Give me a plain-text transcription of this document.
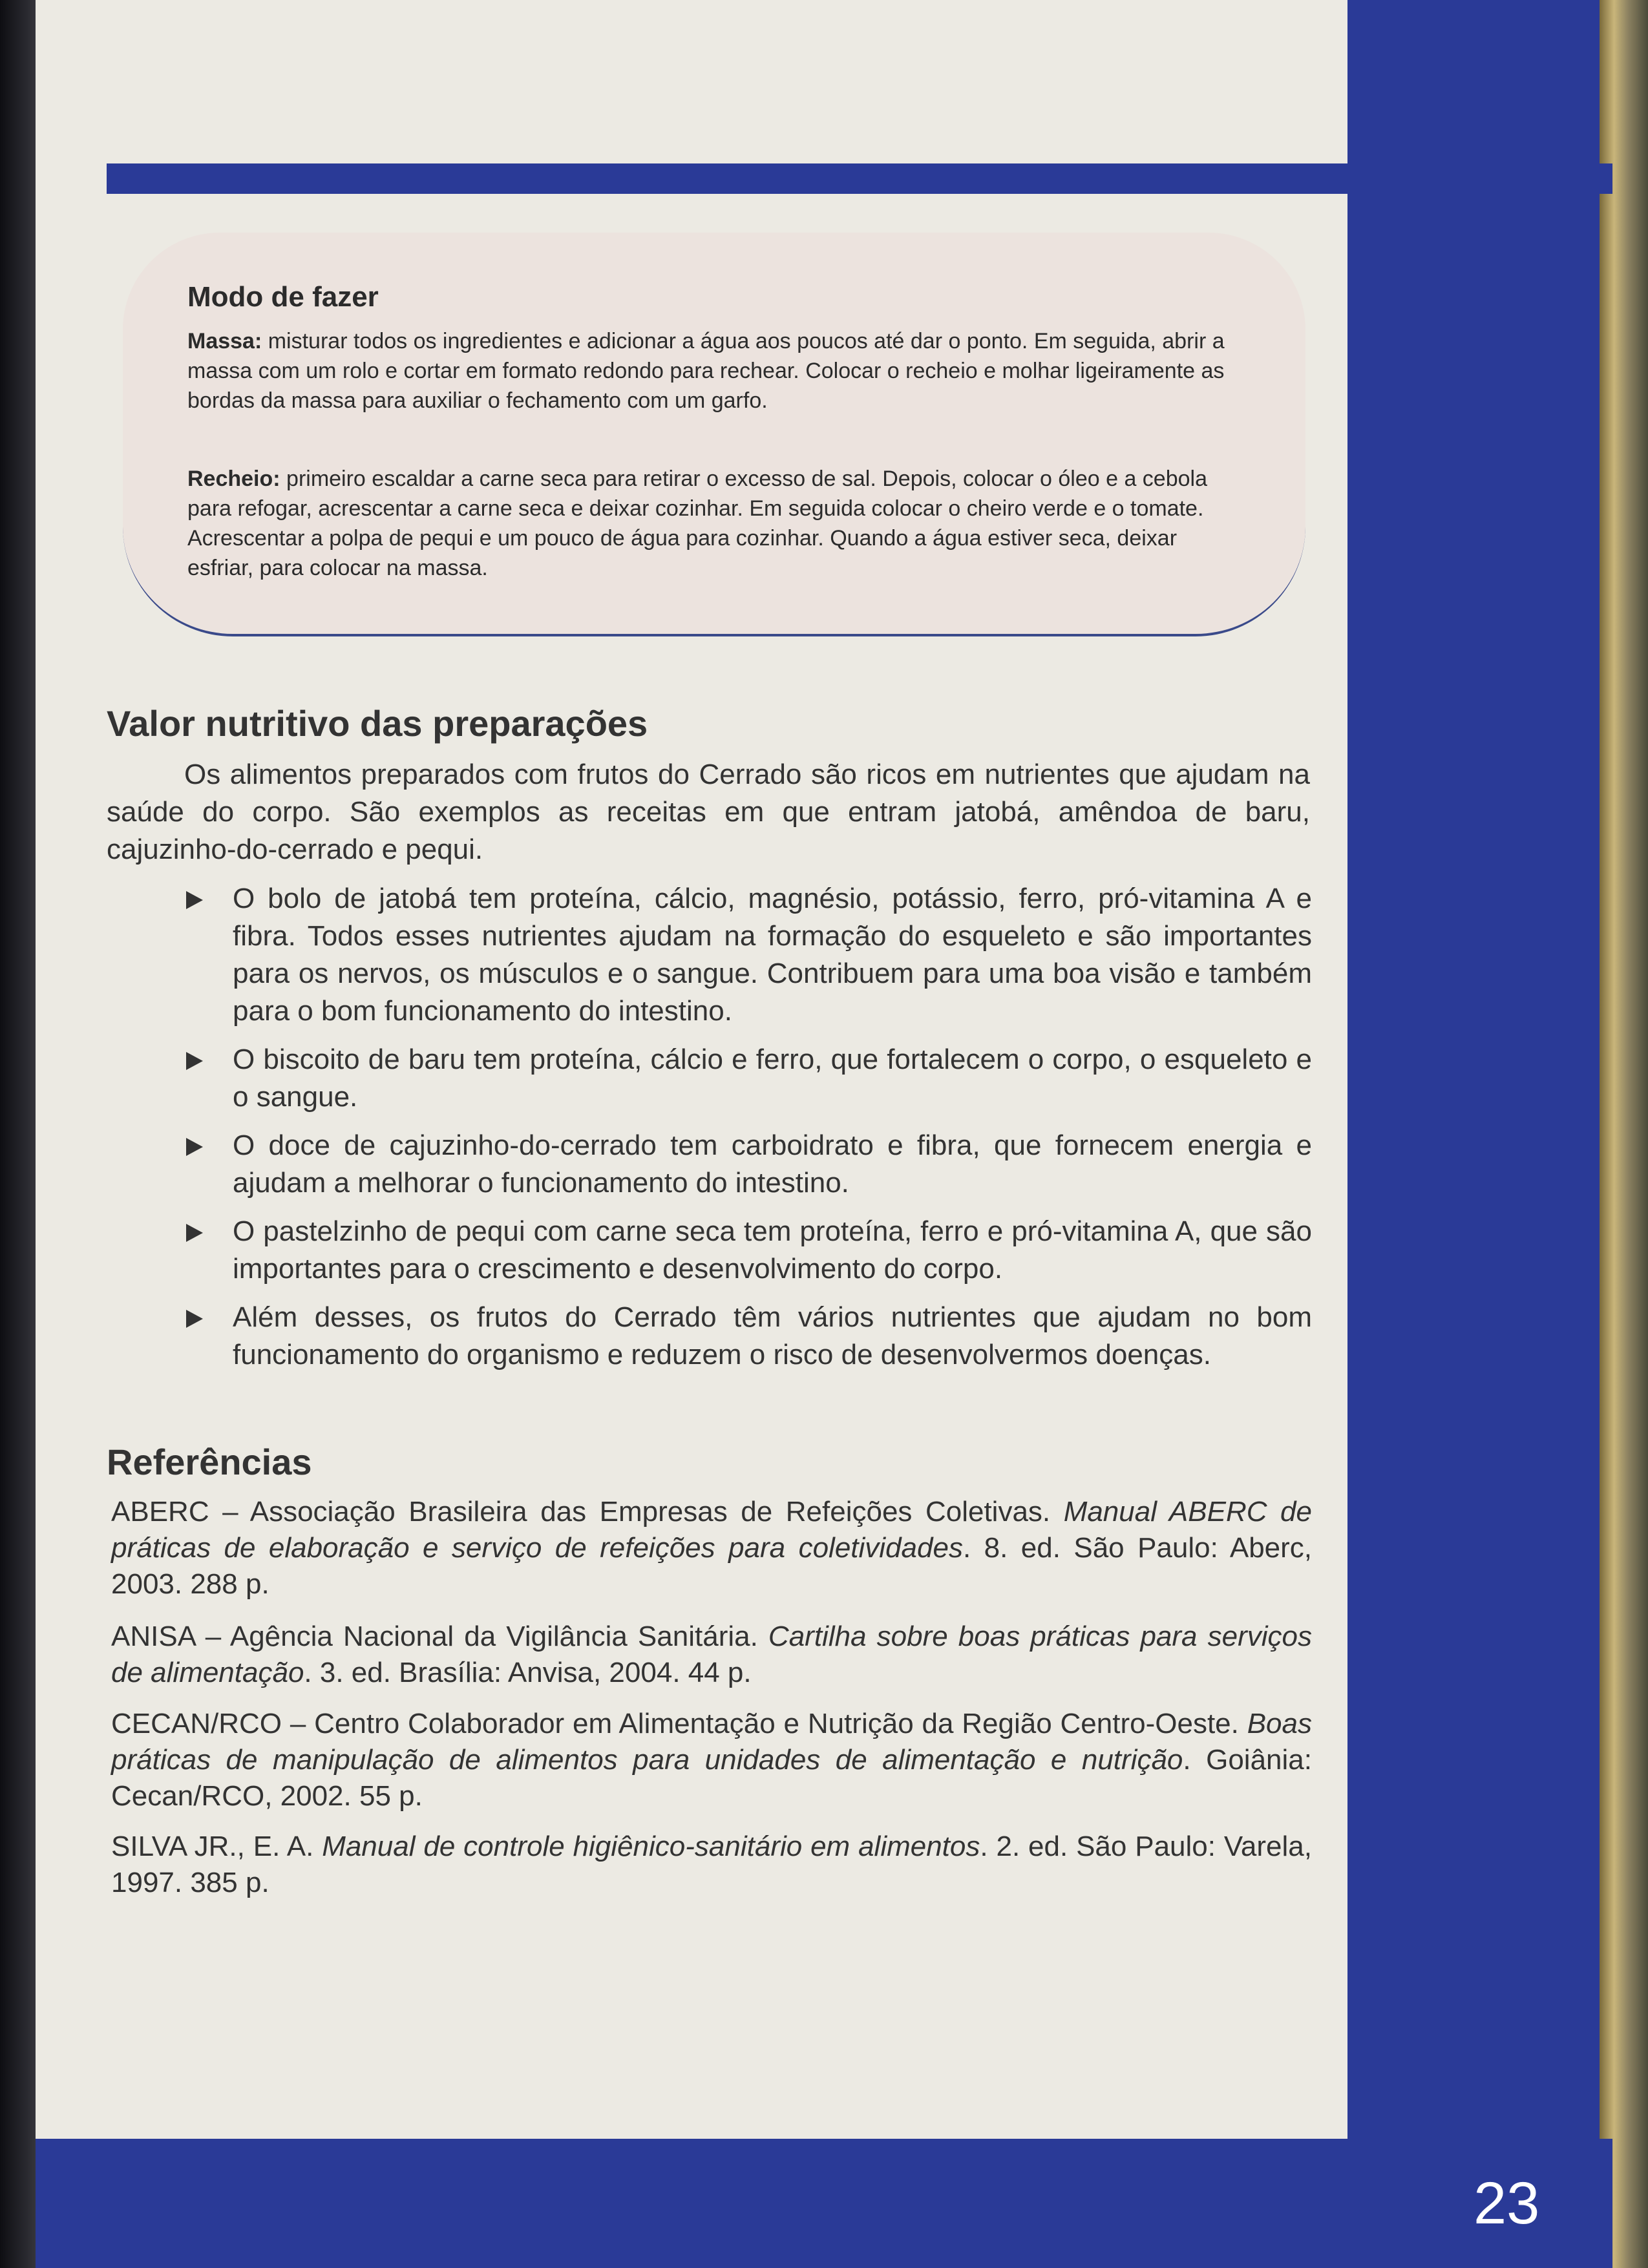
Modo de fazer

Massa: misturar todos os ingredientes e adicionar a água aos poucos até dar o ponto. Em seguida, abrir a massa com um rolo e cortar em formato redondo para rechear. Colocar o recheio e molhar ligeiramente as bordas da massa para auxiliar o fechamento com um garfo.

Recheio: primeiro escaldar a carne seca para retirar o excesso de sal. Depois, colocar o óleo e a cebola para refogar, acrescentar a carne seca e deixar cozinhar. Em seguida colocar o cheiro verde e o tomate. Acrescentar a polpa de pequi e um pouco de água para cozinhar. Quando a água estiver seca, deixar esfriar, para colocar na massa.

Valor nutritivo das preparações

Os alimentos preparados com frutos do Cerrado são ricos em nutrientes que ajudam na saúde do corpo. São exemplos as receitas em que entram jatobá, amêndoa de baru, cajuzinho-do-cerrado e pequi.

O bolo de jatobá tem proteína, cálcio, magnésio, potássio, ferro, pró-vitamina A e fibra. Todos esses nutrientes ajudam na formação do esqueleto e são importantes para os nervos, os músculos e o sangue. Contribuem para uma boa visão e também para o bom funcionamento do intestino.
O biscoito de baru tem proteína, cálcio e ferro, que fortalecem o corpo, o esqueleto e o sangue.
O doce de cajuzinho-do-cerrado tem carboidrato e fibra, que fornecem energia e ajudam a melhorar o funcionamento do intestino.
O pastelzinho de pequi com carne seca tem proteína, ferro e pró-vitamina A, que são importantes para o crescimento e desenvolvimento do corpo.
Além desses, os frutos do Cerrado têm vários nutrientes que ajudam no bom funcionamento do organismo e reduzem o risco de desenvolvermos doenças.
Referências

ABERC – Associação Brasileira das Empresas de Refeições Coletivas. Manual ABERC de práticas de elaboração e serviço de refeições para coletividades. 8. ed. São Paulo: Aberc, 2003. 288 p.

ANISA – Agência Nacional da Vigilância Sanitária. Cartilha sobre boas práticas para serviços de alimentação. 3. ed. Brasília: Anvisa, 2004. 44 p.

CECAN/RCO – Centro Colaborador em Alimentação e Nutrição da Região Centro-Oeste. Boas práticas de manipulação de alimentos para unidades de alimentação e nutrição. Goiânia: Cecan/RCO, 2002. 55 p.

SILVA JR., E. A. Manual de controle higiênico-sanitário em alimentos. 2. ed. São Paulo: Varela, 1997. 385 p.

23
